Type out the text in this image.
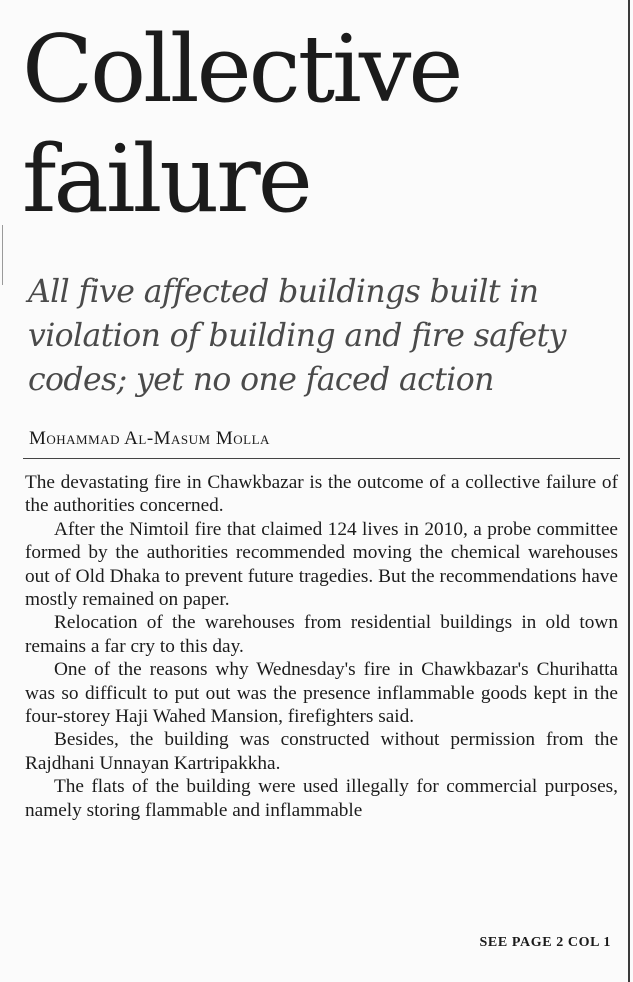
Collective failure
All five affected buildings built in violation of building and fire safety codes; yet no one faced action
Mohammad Al-Masum Molla

The devastating fire in Chawkbazar is the outcome of a collective failure of the authorities concerned.

After the Nimtoil fire that claimed 124 lives in 2010, a probe committee formed by the authorities recommended moving the chemical warehouses out of Old Dhaka to prevent future tragedies. But the recommendations have mostly remained on paper.

Relocation of the warehouses from residential buildings in old town remains a far cry to this day.

One of the reasons why Wednesday's fire in Chawkbazar's Churihatta was so difficult to put out was the presence inflammable goods kept in the four-storey Haji Wahed Mansion, firefighters said.

Besides, the building was constructed without permission from the Rajdhani Unnayan Kartripakkha.

The flats of the building were used illegally for commercial purposes, namely storing flammable and inflammable

SEE PAGE 2 COL 1
